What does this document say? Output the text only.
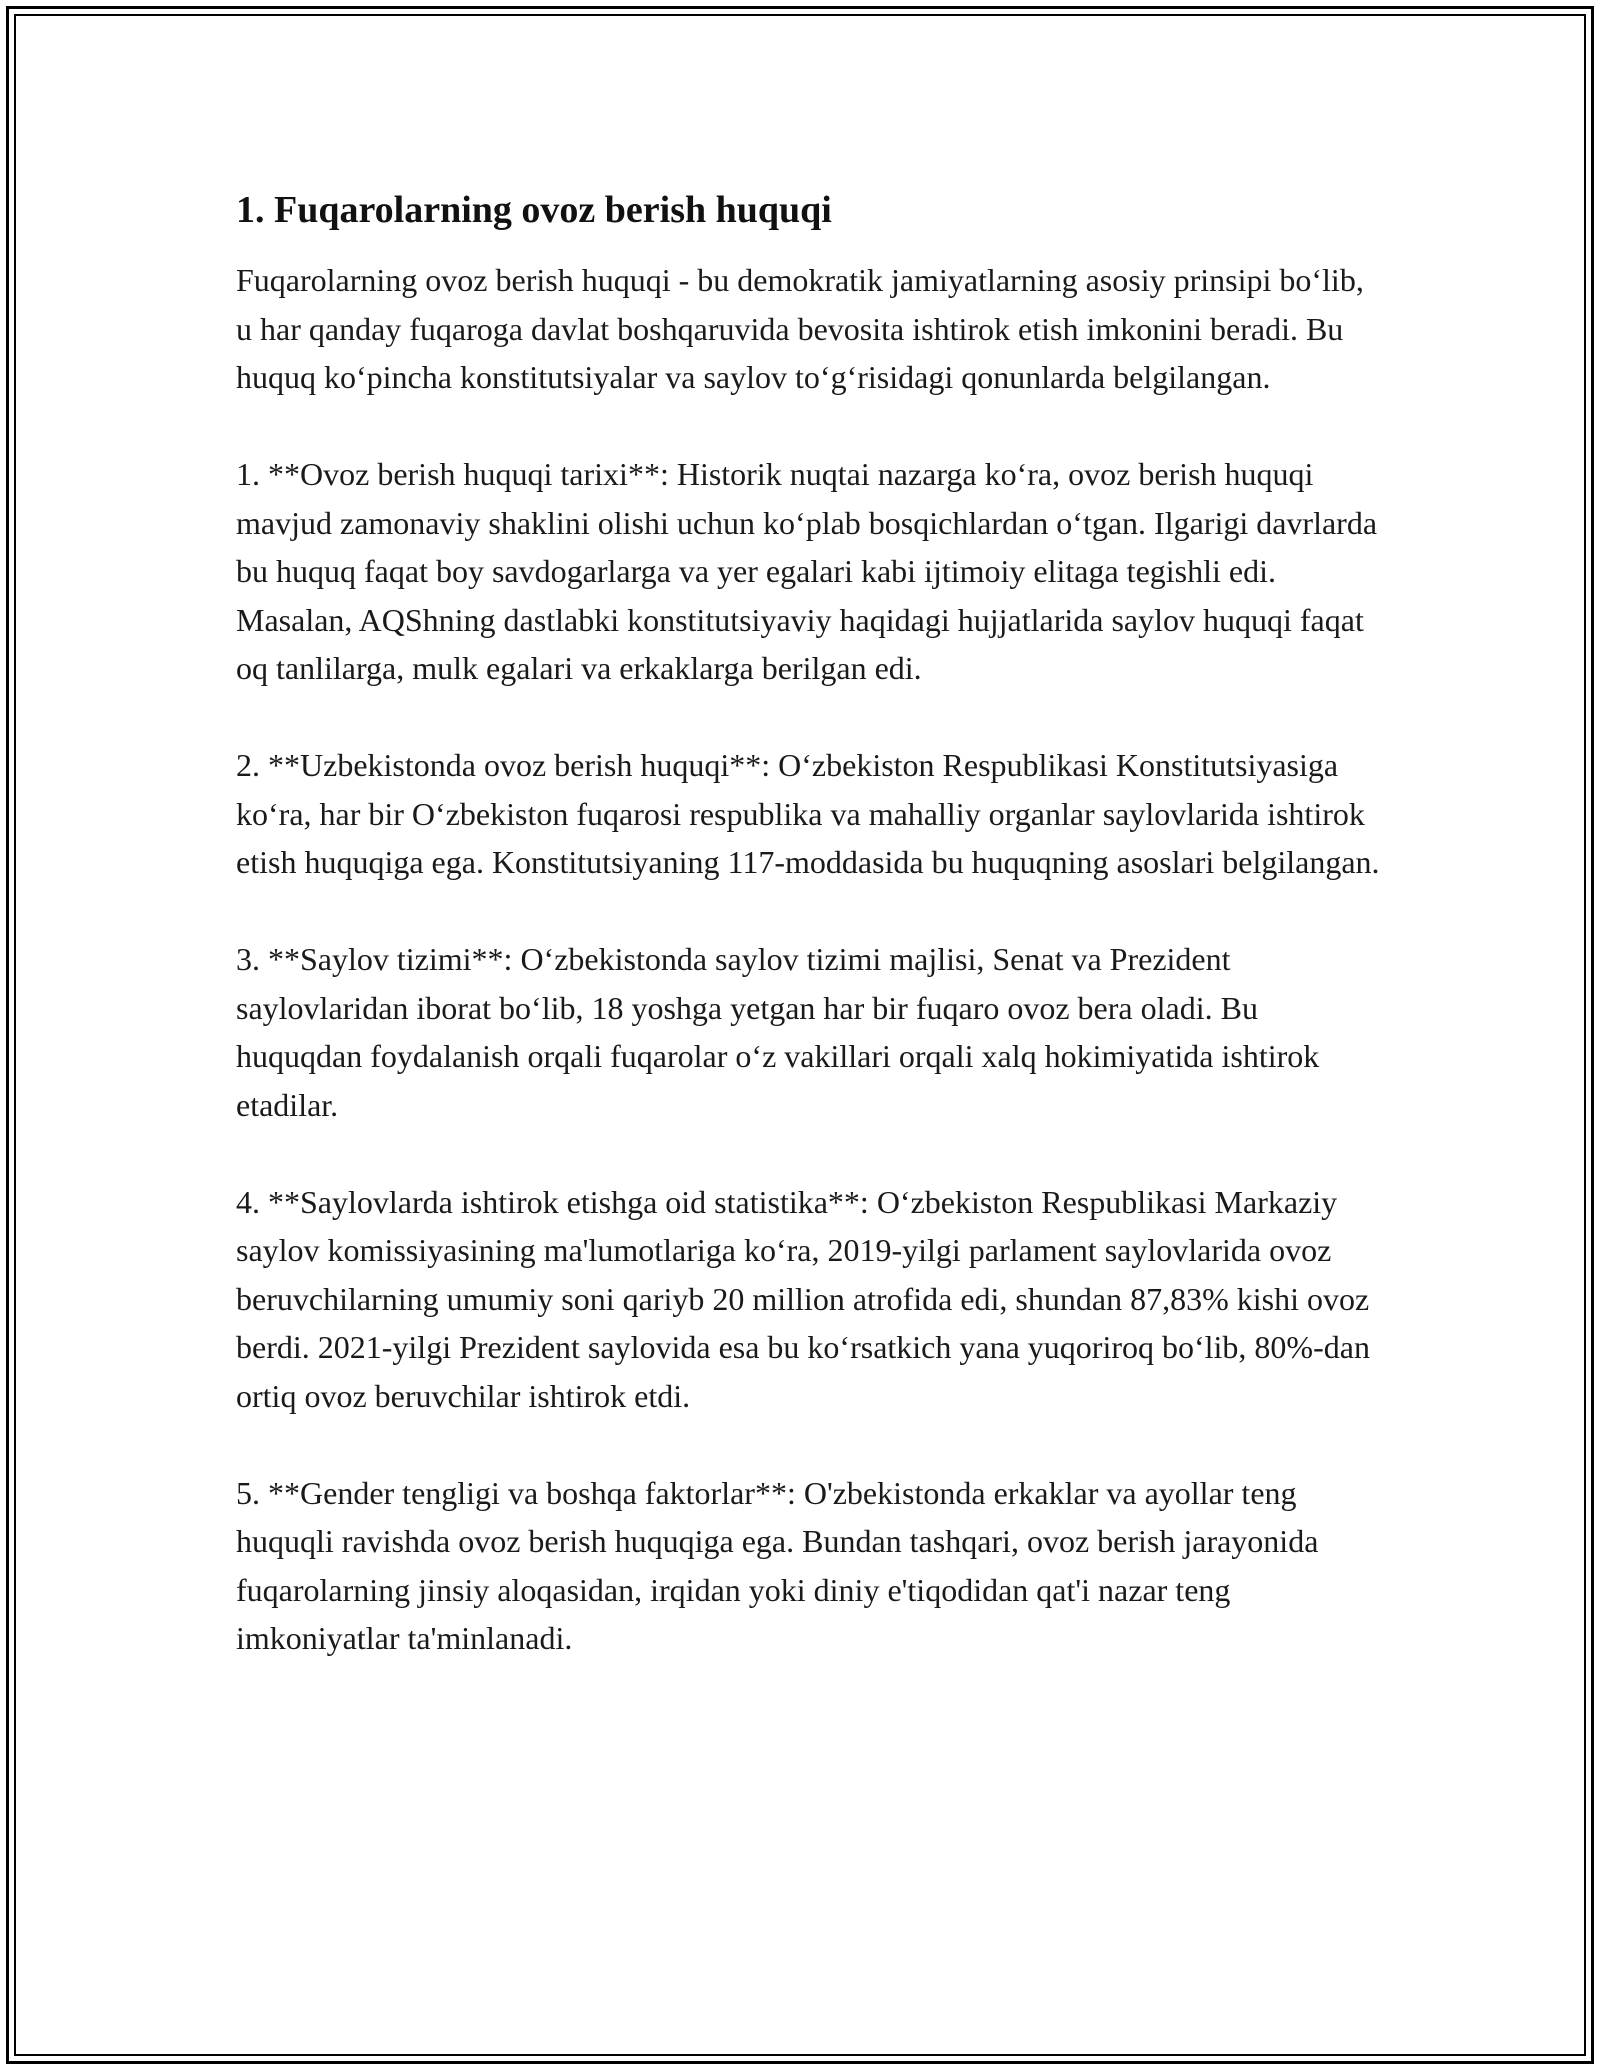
1. Fuqarolarning ovoz berish huquqi

Fuqarolarning ovoz berish huquqi - bu demokratik jamiyatlarning asosiy prinsipi bo‘lib, u har qanday fuqaroga davlat boshqaruvida bevosita ishtirok etish imkonini beradi. Bu huquq ko‘pincha konstitutsiyalar va saylov to‘g‘risidagi qonunlarda belgilangan.

1. **Ovoz berish huquqi tarixi**: Historik nuqtai nazarga ko‘ra, ovoz berish huquqi mavjud zamonaviy shaklini olishi uchun ko‘plab bosqichlardan o‘tgan. Ilgarigi davrlarda bu huquq faqat boy savdogarlarga va yer egalari kabi ijtimoiy elitaga tegishli edi. Masalan, AQShning dastlabki konstitutsiyaviy haqidagi hujjatlarida saylov huquqi faqat oq tanlilarga, mulk egalari va erkaklarga berilgan edi.

2. **Uzbekistonda ovoz berish huquqi**: O‘zbekiston Respublikasi Konstitutsiyasiga ko‘ra, har bir O‘zbekiston fuqarosi respublika va mahalliy organlar saylovlarida ishtirok etish huquqiga ega. Konstitutsiyaning 117-moddasida bu huquqning asoslari belgilangan.

3. **Saylov tizimi**: O‘zbekistonda saylov tizimi majlisi, Senat va Prezident saylovlaridan iborat bo‘lib, 18 yoshga yetgan har bir fuqaro ovoz bera oladi. Bu huquqdan foydalanish orqali fuqarolar o‘z vakillari orqali xalq hokimiyatida ishtirok etadilar.

4. **Saylovlarda ishtirok etishga oid statistika**: O‘zbekiston Respublikasi Markaziy saylov komissiyasining ma'lumotlariga ko‘ra, 2019-yilgi parlament saylovlarida ovoz beruvchilarning umumiy soni qariyb 20 million atrofida edi, shundan 87,83% kishi ovoz berdi. 2021-yilgi Prezident saylovida esa bu ko‘rsatkich yana yuqoriroq bo‘lib, 80%-dan ortiq ovoz beruvchilar ishtirok etdi.

5. **Gender tengligi va boshqa faktorlar**: O'zbekistonda erkaklar va ayollar teng huquqli ravishda ovoz berish huquqiga ega. Bundan tashqari, ovoz berish jarayonida fuqarolarning jinsiy aloqasidan, irqidan yoki diniy e'tiqodidan qat'i nazar teng imkoniyatlar ta'minlanadi.
